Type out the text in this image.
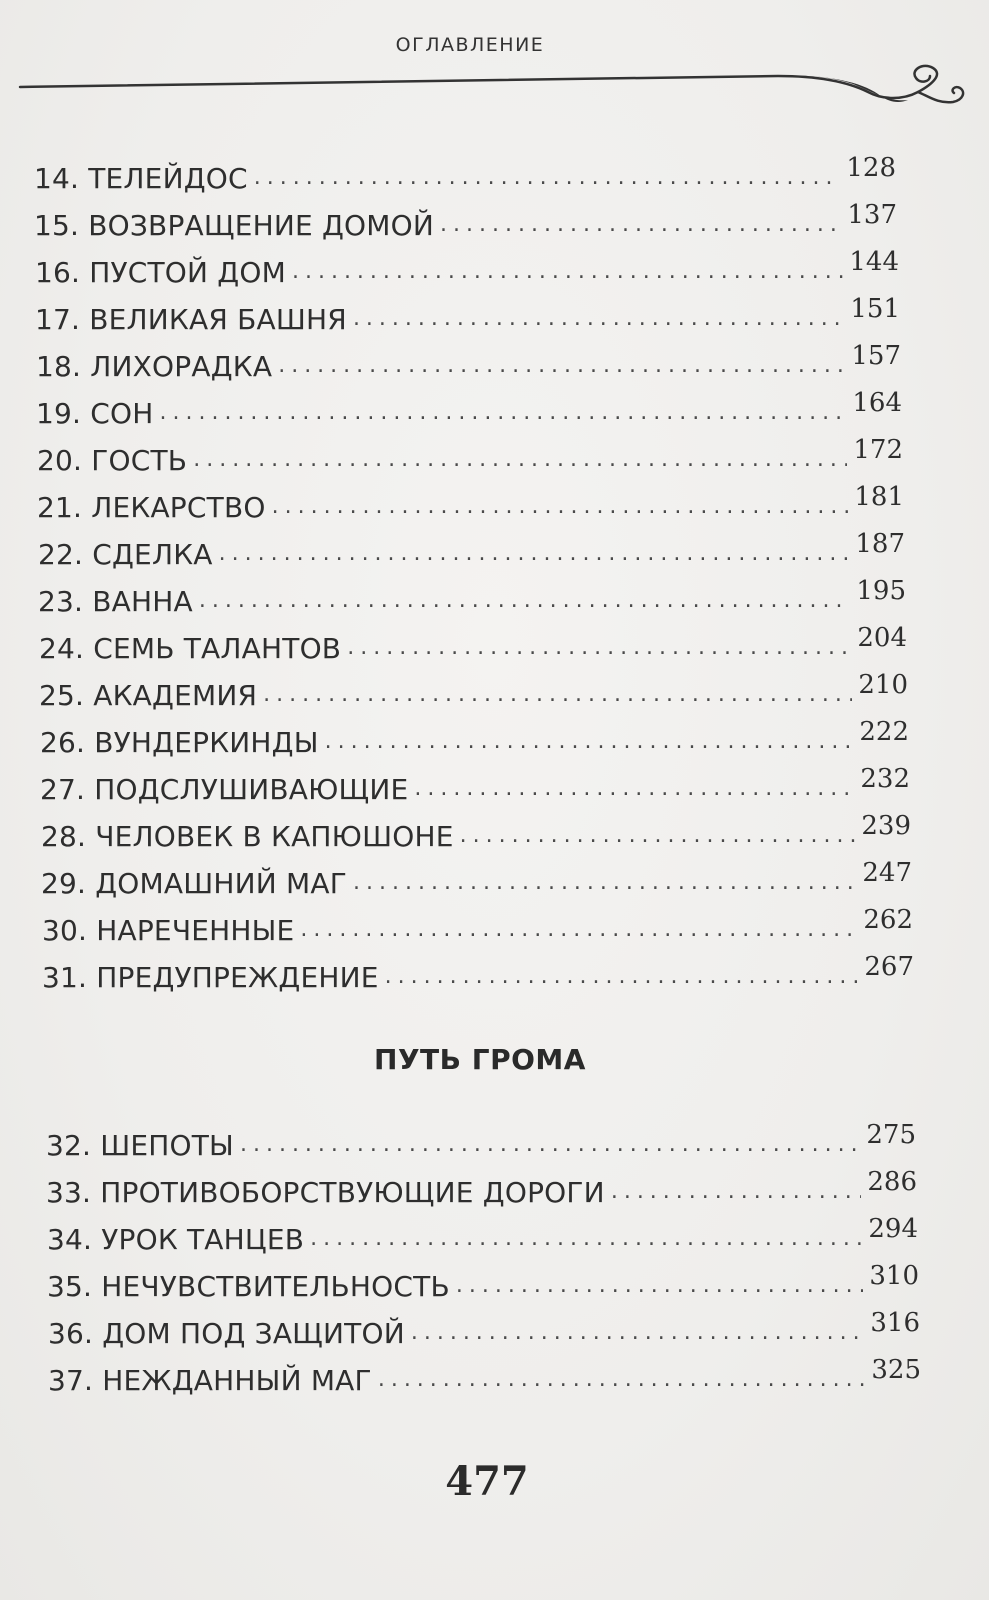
ОГЛАВЛЕНИЕ
14. ТЕЛЕЙДОС .....	128
15. ВОЗВРАЩЕНИЕ ДОМОЙ .....	137
16. ПУСТОЙ ДОМ .....	144
17. ВЕЛИКАЯ БАШНЯ .....	151
18. ЛИХОРАДКА .....	157
19. СОН .....	164
20. ГОСТЬ .....	172
21. ЛЕКАРСТВО .....	181
22. СДЕЛКА .....	187
23. ВАННА .....	195
24. СЕМЬ ТАЛАНТОВ .....	204
25. АКАДЕМИЯ .....	210
26. ВУНДЕРКИНДЫ .....	222
27. ПОДСЛУШИВАЮЩИЕ .....	232
28. ЧЕЛОВЕК В КАПЮШОНЕ .....	239
29. ДОМАШНИЙ МАГ .....	247
30. НАРЕЧЕННЫЕ .....	262
31. ПРЕДУПРЕЖДЕНИЕ .....	267
32. ШЕПОТЫ .....	275
33. ПРОТИВОБОРСТВУЮЩИЕ ДОРОГИ .....	286
34. УРОК ТАНЦЕВ .....	294
35. НЕЧУВСТВИТЕЛЬНОСТЬ .....	310
36. ДОМ ПОД ЗАЩИТОЙ .....	316
37. НЕЖДАННЫЙ МАГ .....	325
ПУТЬ ГРОМА
477
